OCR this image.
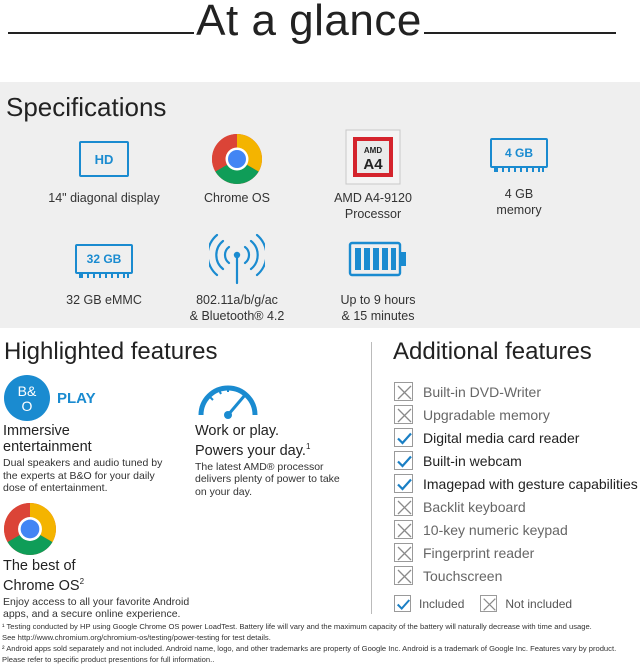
At a glance
Specifications
HD
14" diagonal display	Chrome OS
AMD
A4
AMD A4-9120
Processor
4 GB
4 GB
memory
32 GB
32 GB eMMC	802.11a/b/g/ac
& Bluetooth® 4.2
Up to 9 hours
& 15 minutes
Highlighted features
B&
O PLAY
Immersive
entertainment
Dual speakers and audio tuned by
the experts at B&O for your daily
dose of entertainment.
Work or play.
Powers your day.$^1$
The latest AMD® processor
delivers plenty of power to take
on your day.
The best of
Chrome $OS^2$
Enjoy access to all your favorite Android
apps, and a secure online experience.
Additional features
Built-in DVD-Writer
Upgradable memory
Digital media card reader
Built-in webcam
Imagepad with gesture capabilities
Backlit keyboard
10-key numeric keypad
Fingerprint reader
Touchscreen
Included	Not included
¹ Testing conducted by HP using Google Chrome OS power LoadTest. Battery life will vary and the maximum capacity of the battery will naturally decrease with time and usage.
See http://www.chromium.org/chromium-os/testing/power-testing for test details.
² Android apps sold separately and not included. Android name, logo, and other trademarks are property of Google Inc. Android is a trademark of Google Inc. Features vary by product.
Please refer to specific product presentions for full information..
